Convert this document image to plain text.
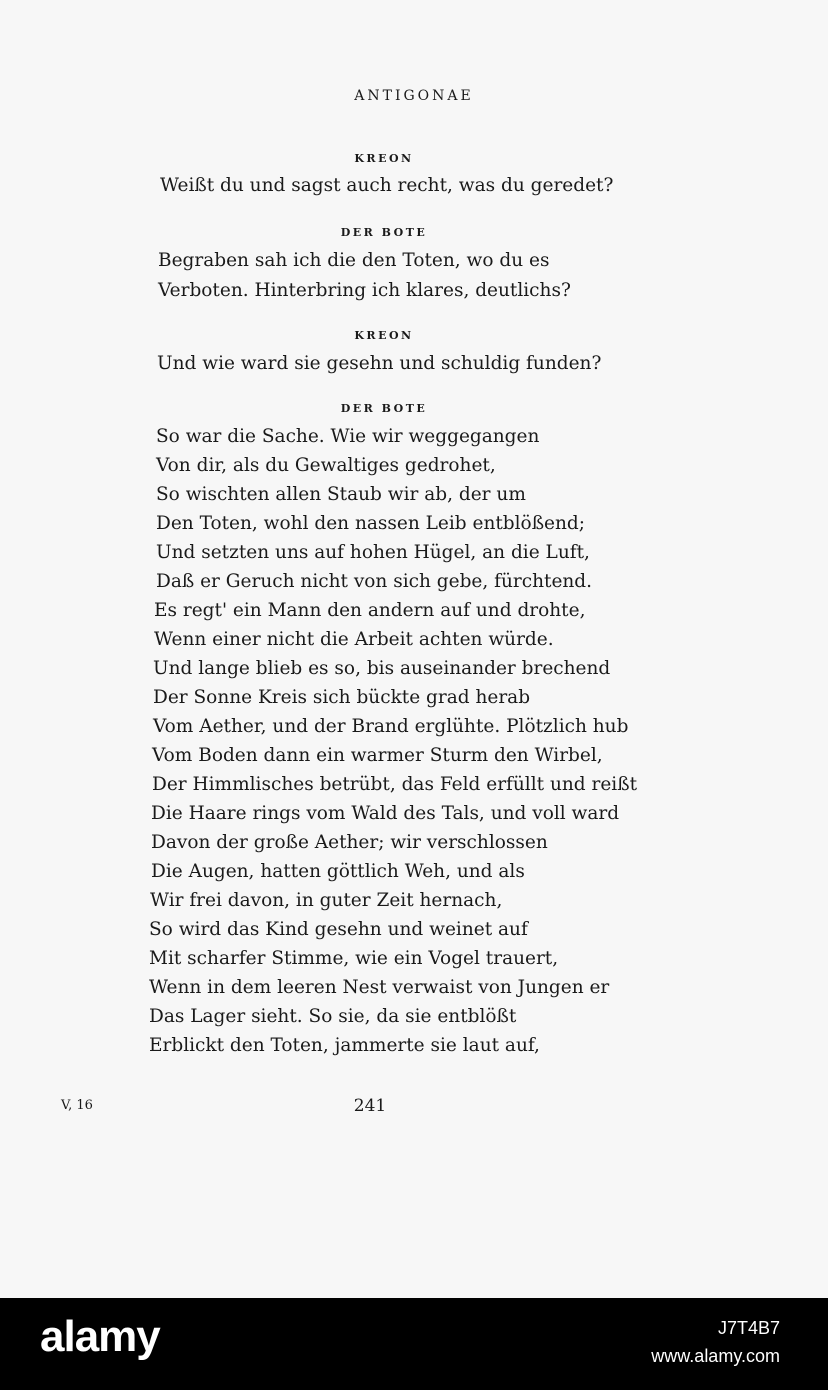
ANTIGONAE
KREON
Weißt du und sagst auch recht, was du geredet?
DER BOTE
Begraben sah ich die den Toten, wo du es
Verboten. Hinterbring ich klares, deutlichs?
KREON
Und wie ward sie gesehn und schuldig funden?
DER BOTE
So war die Sache. Wie wir weggegangen
Von dir, als du Gewaltiges gedrohet,
So wischten allen Staub wir ab, der um
Den Toten, wohl den nassen Leib entblößend;
Und setzten uns auf hohen Hügel, an die Luft,
Daß er Geruch nicht von sich gebe, fürchtend.
Es regt' ein Mann den andern auf und drohte,
Wenn einer nicht die Arbeit achten würde.
Und lange blieb es so, bis auseinander brechend
Der Sonne Kreis sich bückte grad herab
Vom Aether, und der Brand erglühte. Plötzlich hub
Vom Boden dann ein warmer Sturm den Wirbel,
Der Himmlisches betrübt, das Feld erfüllt und reißt
Die Haare rings vom Wald des Tals, und voll ward
Davon der große Aether; wir verschlossen
Die Augen, hatten göttlich Weh, und als
Wir frei davon, in guter Zeit hernach,
So wird das Kind gesehn und weinet auf
Mit scharfer Stimme, wie ein Vogel trauert,
Wenn in dem leeren Nest verwaist von Jungen er
Das Lager sieht. So sie, da sie entblößt
Erblickt den Toten, jammerte sie laut auf,
V, 16	241
alamy	J7T4B7
www.alamy.com
